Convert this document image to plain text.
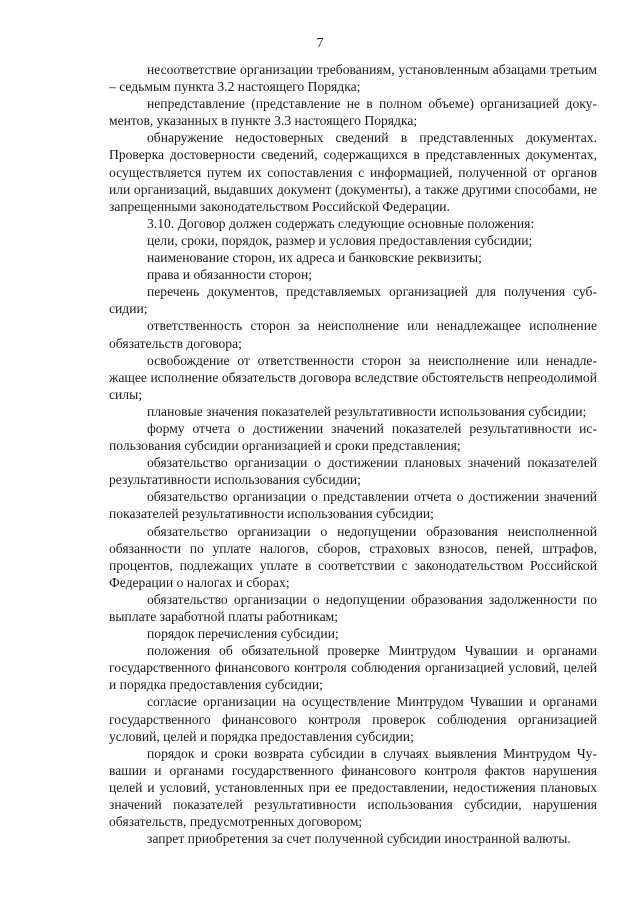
7

несоответствие организации требованиям, установленным абзацами третьим – седьмым пункта 3.2 настоящего Порядка;

непредставление (представление не в полном объеме) организацией документов, указанных в пункте 3.3 настоящего Порядка;

обнаружение недостоверных сведений в представленных документах. Проверка достоверности сведений, содержащихся в представленных документах, осуществляется путем их сопоставления с информацией, полученной от органов или организаций, выдавших документ (документы), а также другими способами, не запрещенными законодательством Российской Федерации.

3.10. Договор должен содержать следующие основные положения:

цели, сроки, порядок, размер и условия предоставления субсидии;

наименование сторон, их адреса и банковские реквизиты;

права и обязанности сторон;

перечень документов, представляемых организацией для получения субсидии;

ответственность сторон за неисполнение или ненадлежащее исполнение обязательств договора;

освобождение от ответственности сторон за неисполнение или ненадлежащее исполнение обязательств договора вследствие обстоятельств непреодолимой силы;

плановые значения показателей результативности использования субсидии;

форму отчета о достижении значений показателей результативности использования субсидии организацией и сроки представления;

обязательство организации о достижении плановых значений показателей результативности использования субсидии;

обязательство организации о представлении отчета о достижении значений показателей результативности использования субсидии;

обязательство организации о недопущении образования неисполненной обязанности по уплате налогов, сборов, страховых взносов, пеней, штрафов, процентов, подлежащих уплате в соответствии с законодательством Российской Федерации о налогах и сборах;

обязательство организации о недопущении образования задолженности по выплате заработной платы работникам;

порядок перечисления субсидии;

положения об обязательной проверке Минтрудом Чувашии и органами государственного финансового контроля соблюдения организацией условий, целей и порядка предоставления субсидии;

согласие организации на осуществление Минтрудом Чувашии и органами государственного финансового контроля проверок соблюдения организацией условий, целей и порядка предоставления субсидии;

порядок и сроки возврата субсидии в случаях выявления Минтрудом Чувашии и органами государственного финансового контроля фактов нарушения целей и условий, установленных при ее предоставлении, недостижения плановых значений показателей результативности использования субсидии, нарушения обязательств, предусмотренных договором;

запрет приобретения за счет полученной субсидии иностранной валюты.
